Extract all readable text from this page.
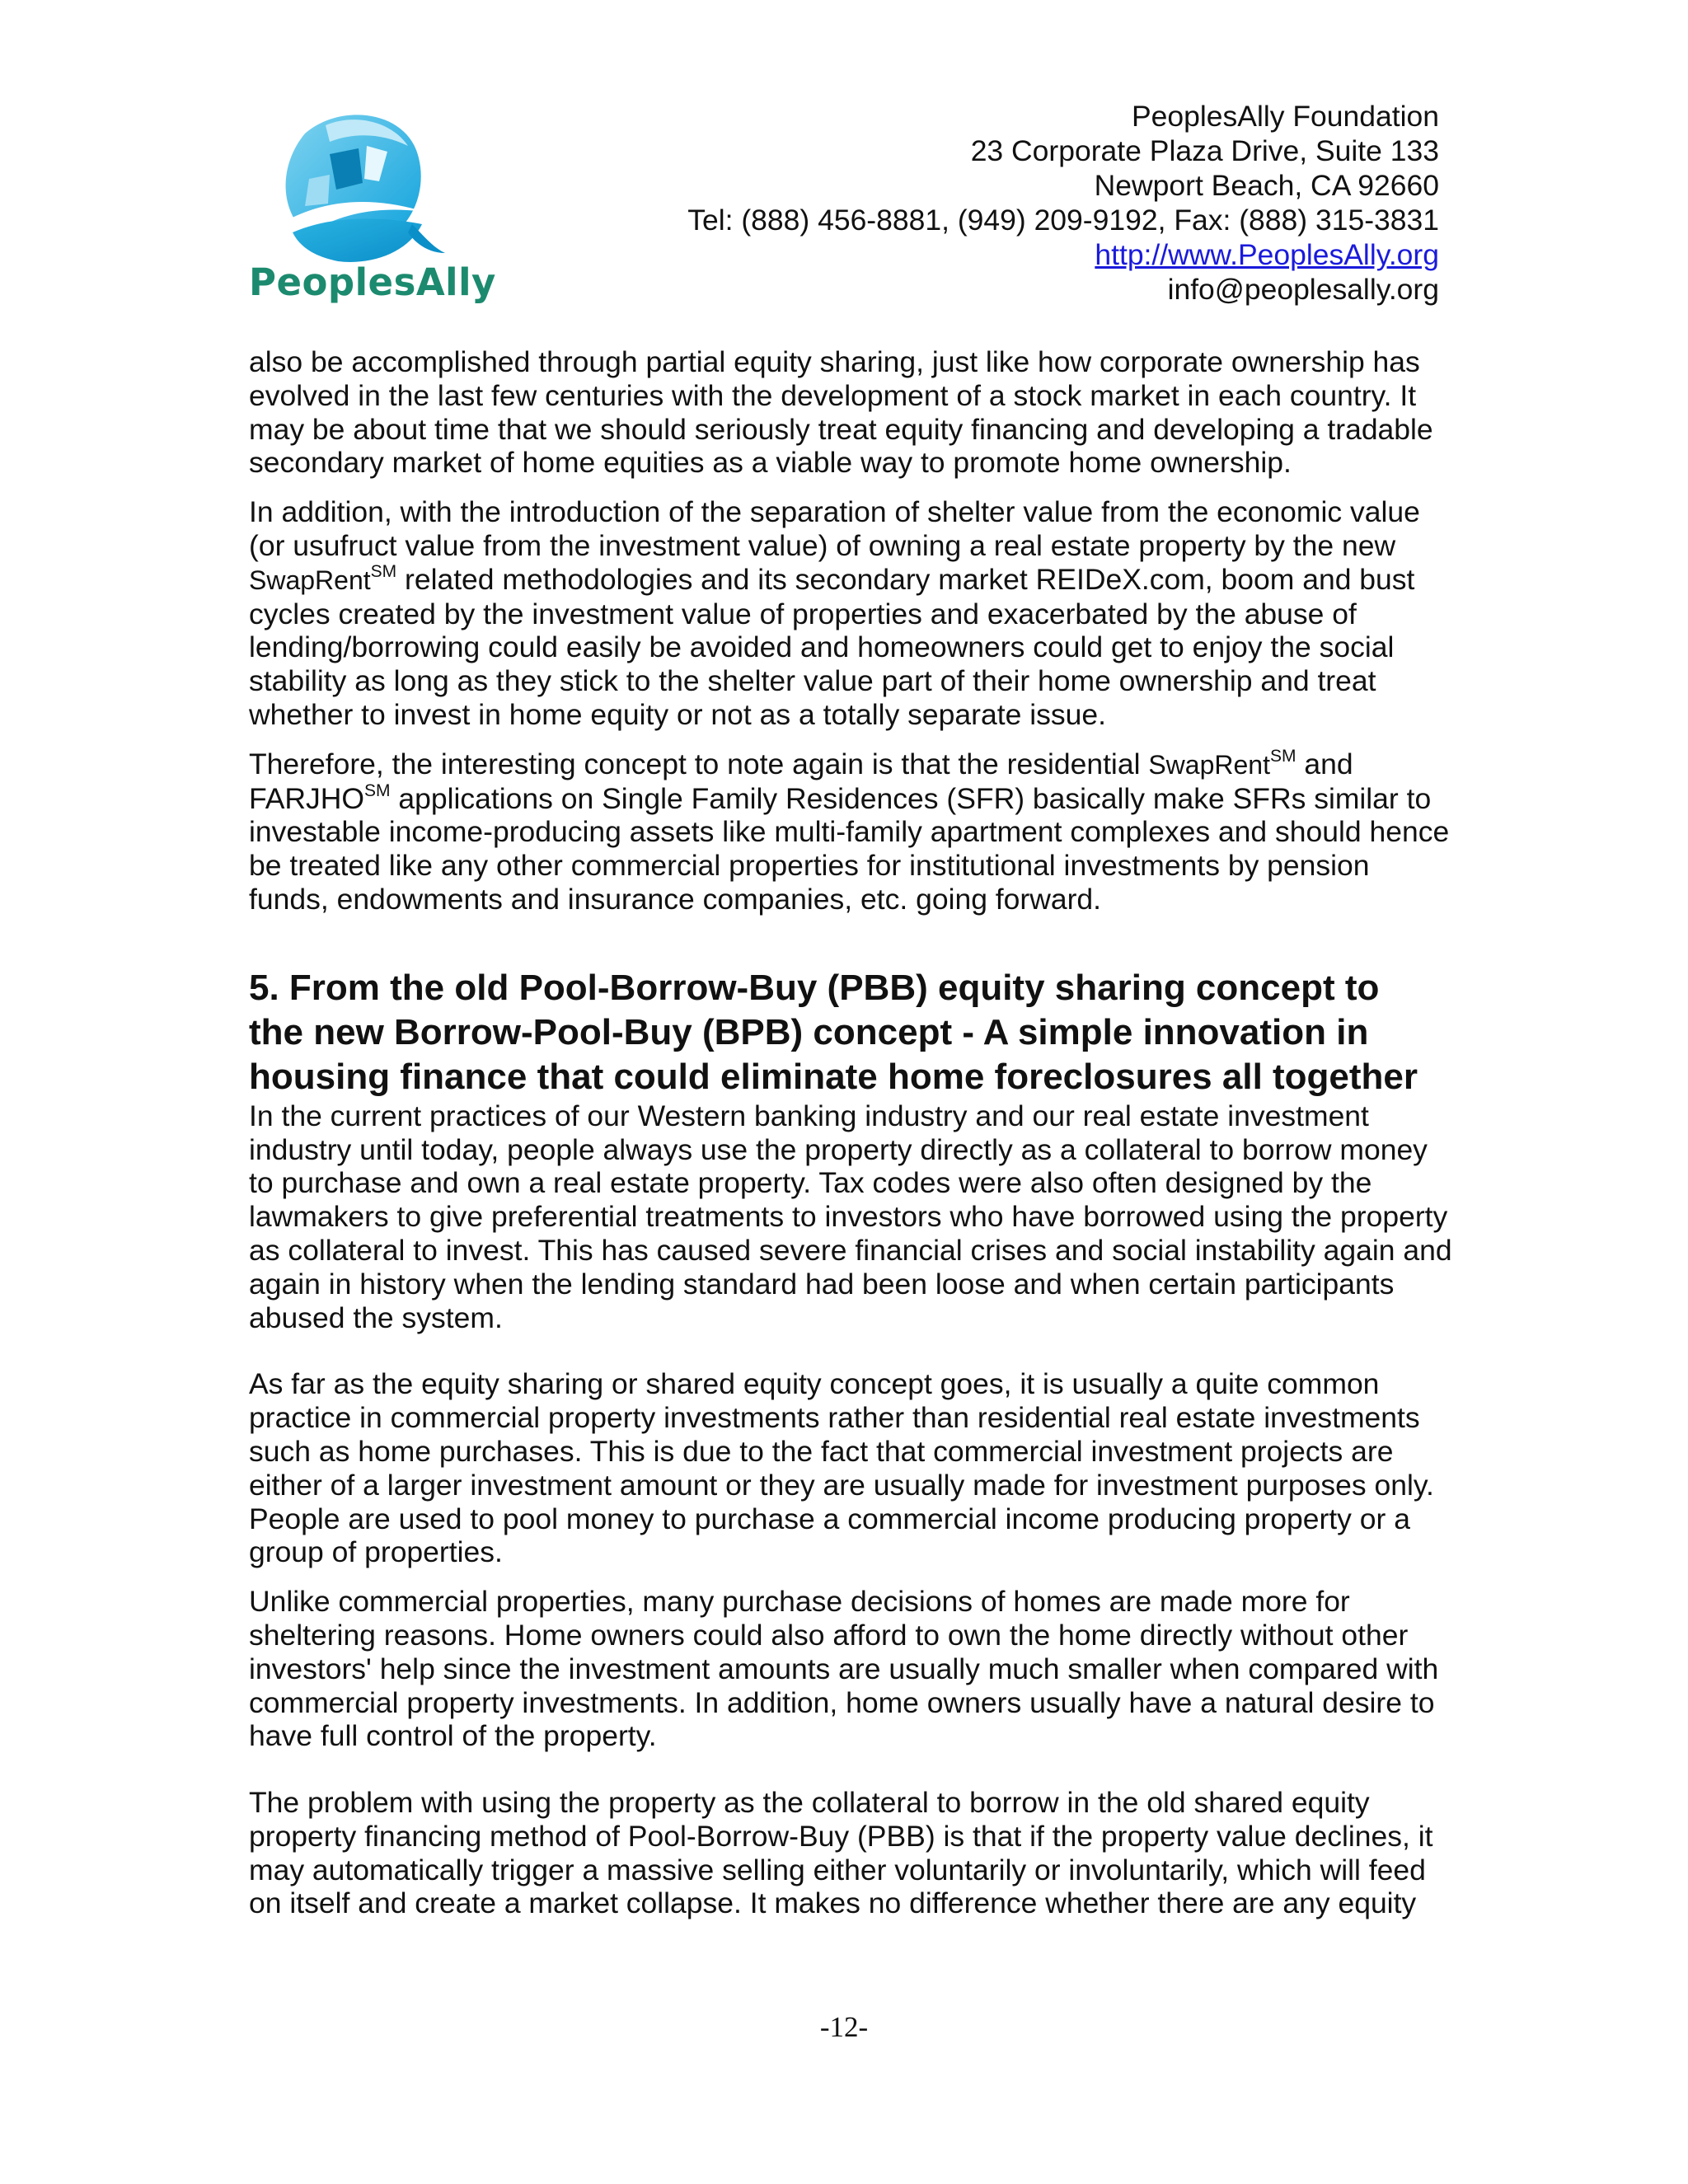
PeoplesAlly
PeoplesAlly Foundation
23 Corporate Plaza Drive, Suite 133
Newport Beach, CA 92660
Tel: (888) 456-8881, (949) 209-9192, Fax: (888) 315-3831
http://www.PeoplesAlly.org
info@peoplesally.org

also be accomplished through partial equity sharing, just like how corporate ownership has evolved in the last few centuries with the development of a stock market in each country. It may be about time that we should seriously treat equity financing and developing a tradable secondary market of home equities as a viable way to promote home ownership.

In addition, with the introduction of the separation of shelter value from the economic value (or usufruct value from the investment value) of owning a real estate property by the new SwapRent℠ related methodologies and its secondary market REIDeX.com, boom and bust cycles created by the investment value of properties and exacerbated by the abuse of lending/borrowing could easily be avoided and homeowners could get to enjoy the social stability as long as they stick to the shelter value part of their home ownership and treat whether to invest in home equity or not as a totally separate issue.

Therefore, the interesting concept to note again is that the residential SwapRent℠ and FARJHO℠ applications on Single Family Residences (SFR) basically make SFRs similar to investable income-producing assets like multi-family apartment complexes and should hence be treated like any other commercial properties for institutional investments by pension funds, endowments and insurance companies, etc. going forward.

5. From the old Pool-Borrow-Buy (PBB) equity sharing concept to the new Borrow-Pool-Buy (BPB) concept - A simple innovation in housing finance that could eliminate home foreclosures all together

In the current practices of our Western banking industry and our real estate investment industry until today, people always use the property directly as a collateral to borrow money to purchase and own a real estate property. Tax codes were also often designed by the lawmakers to give preferential treatments to investors who have borrowed using the property as collateral to invest. This has caused severe financial crises and social instability again and again in history when the lending standard had been loose and when certain participants abused the system.

As far as the equity sharing or shared equity concept goes, it is usually a quite common practice in commercial property investments rather than residential real estate investments such as home purchases. This is due to the fact that commercial investment projects are either of a larger investment amount or they are usually made for investment purposes only. People are used to pool money to purchase a commercial income producing property or a group of properties.

Unlike commercial properties, many purchase decisions of homes are made more for sheltering reasons. Home owners could also afford to own the home directly without other investors' help since the investment amounts are usually much smaller when compared with commercial property investments. In addition, home owners usually have a natural desire to have full control of the property.

The problem with using the property as the collateral to borrow in the old shared equity property financing method of Pool-Borrow-Buy (PBB) is that if the property value declines, it may automatically trigger a massive selling either voluntarily or involuntarily, which will feed on itself and create a market collapse. It makes no difference whether there are any equity

-12-
